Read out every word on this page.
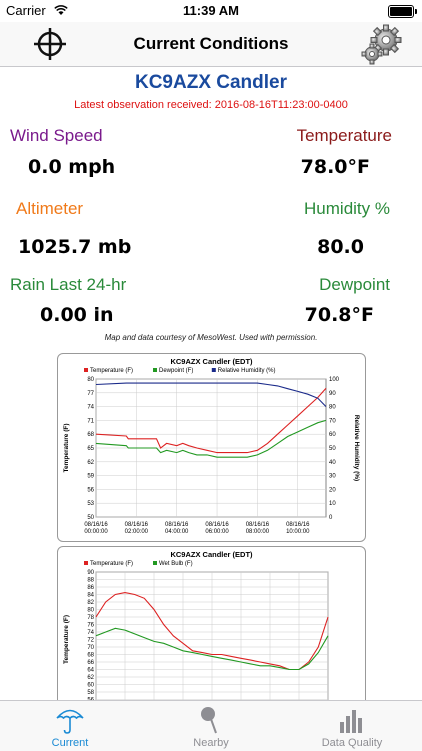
Carrier	11:39 AM
Current Conditions
KC9AZX Candler
Latest observation received: 2016-08-16T11:23:00-0400
Wind Speed
0.0 mph
Temperature
78.0°F
Altimeter
1025.7 mb
Humidity %
80.0
Rain Last 24-hr
0.00 in
Dewpoint
70.8°F
Map and data courtesy of MesoWest. Used with permission.
KC9AZX Candler (EDT)
Temperature (F)	Dewpoint (F)	Relative Humidity (%)
50
53
56
59
62
65
68
71
74
77
80
0
10
20
30
40
50
60
70
80
90
100
08/16/16
00:00:00
08/16/16
02:00:00
08/16/16
04:00:00
08/16/16
06:00:00
08/16/16
08:00:00
08/16/16
10:00:00
Temperature (F)	Relative Humidity (%)
KC9AZX Candler (EDT)
Temperature (F)	Wet Bulb (F)
58
60
62
64
66
68
70
72
74
76
78
80
82
84
86
88
90
Temperature (F)
Current	Nearby	Data Quality
